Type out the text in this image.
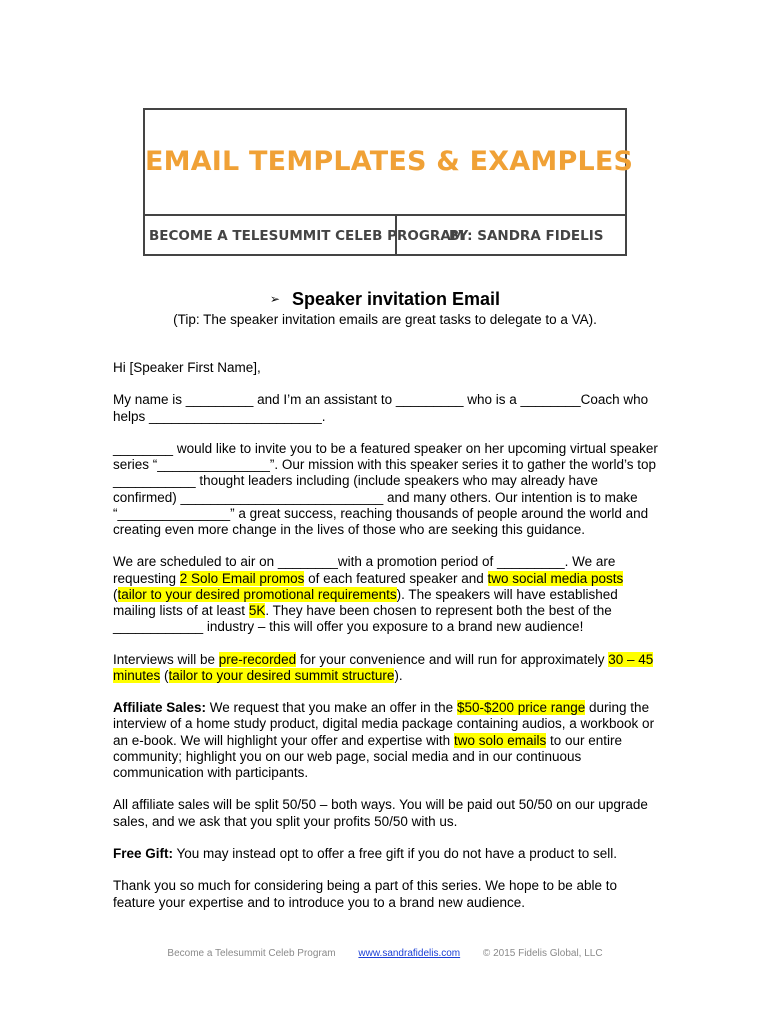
EMAIL TEMPLATES & EXAMPLES
BECOME A TELESUMMIT CELEB PROGRAM
BY: SANDRA FIDELIS
➢ Speaker invitation Email
(Tip: The speaker invitation emails are great tasks to delegate to a VA).

Hi [Speaker First Name],

My name is _________ and I’m an assistant to _________ who is a ________Coach who helps _______________________.

________ would like to invite you to be a featured speaker on her upcoming virtual speaker series “_______________”. Our mission with this speaker series it to gather the world’s top ___________ thought leaders including (include speakers who may already have confirmed) ___________________________ and many others. Our intention is to make “_______________” a great success, reaching thousands of people around the world and creating even more change in the lives of those who are seeking this guidance.

We are scheduled to air on ________with a promotion period of _________. We are requesting 2 Solo Email promos of each featured speaker and two social media posts (tailor to your desired promotional requirements). The speakers will have established mailing lists of at least 5K. They have been chosen to represent both the best of the ____________ industry – this will offer you exposure to a brand new audience!

Interviews will be pre-recorded for your convenience and will run for approximately 30 – 45 minutes (tailor to your desired summit structure).

Affiliate Sales: We request that you make an offer in the $50-$200 price range during the interview of a home study product, digital media package containing audios, a workbook or an e-book. We will highlight your offer and expertise with two solo emails to our entire community; highlight you on our web page, social media and in our continuous communication with participants.

All affiliate sales will be split 50/50 – both ways. You will be paid out 50/50 on our upgrade sales, and we ask that you split your profits 50/50 with us.

Free Gift: You may instead opt to offer a free gift if you do not have a product to sell.

Thank you so much for considering being a part of this series. We hope to be able to feature your expertise and to introduce you to a brand new audience.

Become a Telesummit Celeb Program www.sandrafidelis.com © 2015 Fidelis Global, LLC
